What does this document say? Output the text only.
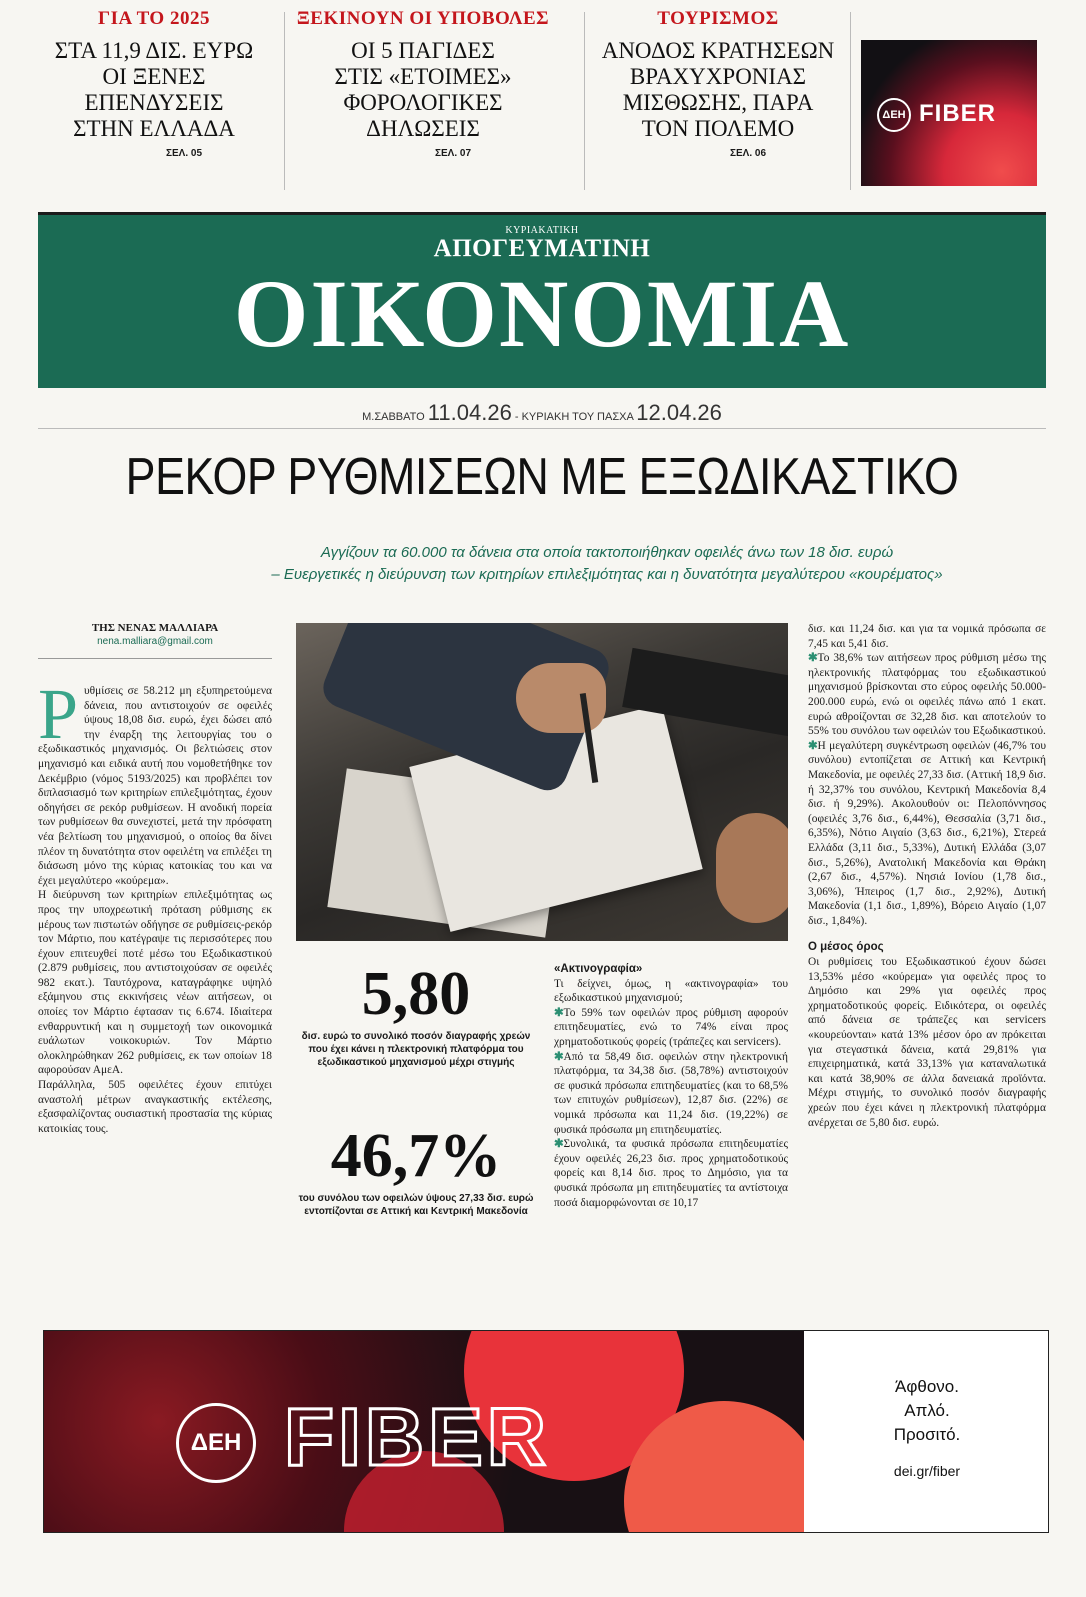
ΓΙΑ ΤΟ 2025
ΣΤΑ 11,9 ΔΙΣ. ΕΥΡΩ
ΟΙ ΞΕΝΕΣ
ΕΠΕΝΔΥΣΕΙΣ
ΣΤΗΝ ΕΛΛΑΔΑ
ΣΕΛ. 05
ΞΕΚΙΝΟΥΝ ΟΙ ΥΠΟΒΟΛΕΣ
ΟΙ 5 ΠΑΓΙΔΕΣ
ΣΤΙΣ «ΕΤΟΙΜΕΣ»
ΦΟΡΟΛΟΓΙΚΕΣ
ΔΗΛΩΣΕΙΣ
ΣΕΛ. 07
ΤΟΥΡΙΣΜΟΣ
ΑΝΟΔΟΣ ΚΡΑΤΗΣΕΩΝ
ΒΡΑΧΥΧΡΟΝΙΑΣ
ΜΙΣΘΩΣΗΣ, ΠΑΡΑ
ΤΟΝ ΠΟΛΕΜΟ
ΣΕΛ. 06
ΔΕΗ FIBER
ΚΥΡΙΑΚΑΤΙΚΗ
ΑΠΟΓΕΥΜΑΤΙΝΗ
ΟΙΚΟΝΟΜΙΑ
Μ.ΣΑΒΒΑΤΟ 11.04.26 - ΚΥΡΙΑΚΗ ΤΟΥ ΠΑΣΧΑ 12.04.26
ΡΕΚΟΡ ΡΥΘΜΙΣΕΩΝ ΜΕ ΕΞΩΔΙΚΑΣΤΙΚΟ
Αγγίζουν τα 60.000 τα δάνεια στα οποία τακτοποιήθηκαν οφειλές άνω των 18 δισ. ευρώ
– Ευεργετικές η διεύρυνση των κριτηρίων επιλεξιμότητας και η δυνατότητα μεγαλύτερου «κουρέματος»
ΤΗΣ ΝΕΝΑΣ ΜΑΛΛΙΑΡΑ
nena.malliara@gmail.com
Ρ υθμίσεις σε 58.212 μη εξυπηρετούμενα δάνεια, που αντιστοιχούν σε οφειλές ύψους 18,08 δισ. ευρώ, έχει δώσει από την έναρξη της λειτουργίας του ο εξωδικαστικός μηχανισμός. Οι βελτιώσεις στον μηχανισμό και ειδικά αυτή που νομοθετήθηκε τον Δεκέμβριο (νόμος 5193/2025) και προβλέπει τον διπλασιασμό των κριτηρίων επιλεξιμότητας, έχουν οδηγήσει σε ρεκόρ ρυθμίσεων. Η ανοδική πορεία των ρυθμίσεων θα συνεχιστεί, μετά την πρόσφατη νέα βελτίωση του μηχανισμού, ο οποίος θα δίνει πλέον τη δυνατότητα στον οφειλέτη να επιλέξει τη διάσωση μόνο της κύριας κατοικίας του και να έχει μεγαλύτερο «κούρεμα».

Η διεύρυνση των κριτηρίων επιλεξιμότητας ως προς την υποχρεωτική πρόταση ρύθμισης εκ μέρους των πιστωτών οδήγησε σε ρυθμίσεις-ρεκόρ τον Μάρτιο, που κατέγραψε τις περισσότερες που έχουν επιτευχθεί ποτέ μέσω του Εξωδικαστικού (2.879 ρυθμίσεις, που αντιστοιχούσαν σε οφειλές 982 εκατ.). Ταυτόχρονα, καταγράφηκε υψηλό εξάμηνου στις εκκινήσεις νέων αιτήσεων, οι οποίες τον Μάρτιο έφτασαν τις 6.674. Ιδιαίτερα ενθαρρυντική και η συμμετοχή των οικονομικά ευάλωτων νοικοκυριών. Τον Μάρτιο ολοκληρώθηκαν 262 ρυθμίσεις, εκ των οποίων 18 αφορούσαν ΑμεΑ.

Παράλληλα, 505 οφειλέτες έχουν επιτύχει αναστολή μέτρων αναγκαστικής εκτέλεσης, εξασφαλίζοντας ουσιαστική προστασία της κύριας κατοικίας τους.

5,80
δισ. ευρώ το συνολικό ποσόν διαγραφής χρεών που έχει κάνει η πλεκτρονική πλατφόρμα του εξωδικαστικού μηχανισμού μέχρι στιγμής
46,7%
του συνόλου των οφειλών ύψους 27,33 δισ. ευρώ εντοπίζονται σε Αττική και Κεντρική Μακεδονία
«Ακτινογραφία»

Τι δείχνει, όμως, η «ακτινογραφία» του εξωδικαστικού μηχανισμού;

✱Το 59% των οφειλών προς ρύθμιση αφορούν επιτηδευματίες, ενώ το 74% είναι προς χρηματοδοτικούς φορείς (τράπεζες και servicers).

✱Από τα 58,49 δισ. οφειλών στην ηλεκτρονική πλατφόρμα, τα 34,38 δισ. (58,78%) αντιστοιχούν σε φυσικά πρόσωπα επιτηδευματίες (και το 68,5% των επιτυχών ρυθμίσεων), 12,87 δισ. (22%) σε νομικά πρόσωπα και 11,24 δισ. (19,22%) σε φυσικά πρόσωπα μη επιτηδευματίες.

✱Συνολικά, τα φυσικά πρόσωπα επιτηδευματίες έχουν οφειλές 26,23 δισ. προς χρηματοδοτικούς φορείς και 8,14 δισ. προς το Δημόσιο, για τα φυσικά πρόσωπα μη επιτηδευματίες τα αντίστοιχα ποσά διαμορφώνονται σε 10,17

δισ. και 11,24 δισ. και για τα νομικά πρόσωπα σε 7,45 και 5,41 δισ.

✱Το 38,6% των αιτήσεων προς ρύθμιση μέσω της ηλεκτρονικής πλατφόρμας του εξωδικαστικού μηχανισμού βρίσκονται στο εύρος οφειλής 50.000-200.000 ευρώ, ενώ οι οφειλές πάνω από 1 εκατ. ευρώ αθροίζονται σε 32,28 δισ. και αποτελούν το 55% του συνόλου των οφειλών του Εξωδικαστικού.

✱Η μεγαλύτερη συγκέντρωση οφειλών (46,7% του συνόλου) εντοπίζεται σε Αττική και Κεντρική Μακεδονία, με οφειλές 27,33 δισ. (Αττική 18,9 δισ. ή 32,37% του συνόλου, Κεντρική Μακεδονία 8,4 δισ. ή 9,29%). Ακολουθούν οι: Πελοπόννησος (οφειλές 3,76 δισ., 6,44%), Θεσσαλία (3,71 δισ., 6,35%), Νότιο Αιγαίο (3,63 δισ., 6,21%), Στερεά Ελλάδα (3,11 δισ., 5,33%), Δυτική Ελλάδα (3,07 δισ., 5,26%), Ανατολική Μακεδονία και Θράκη (2,67 δισ., 4,57%). Νησιά Ιονίου (1,78 δισ., 3,06%), Ήπειρος (1,7 δισ., 2,92%), Δυτική Μακεδονία (1,1 δισ., 1,89%), Βόρειο Αιγαίο (1,07 δισ., 1,84%).

Ο μέσος όρος

Οι ρυθμίσεις του Εξωδικαστικού έχουν δώσει 13,53% μέσο «κούρεμα» για οφειλές προς το Δημόσιο και 29% για οφειλές προς χρηματοδοτικούς φορείς. Ειδικότερα, οι οφειλές από δάνεια σε τράπεζες και servicers «κουρεύονται» κατά 13% μέσον όρο αν πρόκειται για στεγαστικά δάνεια, κατά 29,81% για επιχειρηματικά, κατά 33,13% για καταναλωτικά και κατά 38,90% σε άλλα δανειακά προϊόντα. Μέχρι στιγμής, το συνολικό ποσόν διαγραφής χρεών που έχει κάνει η πλεκτρονική πλατφόρμα ανέρχεται σε 5,80 δισ. ευρώ.

ΔΕΗ FIBER
Άφθονο.
Απλό.
Προσιτό.
dei.gr/fiber
